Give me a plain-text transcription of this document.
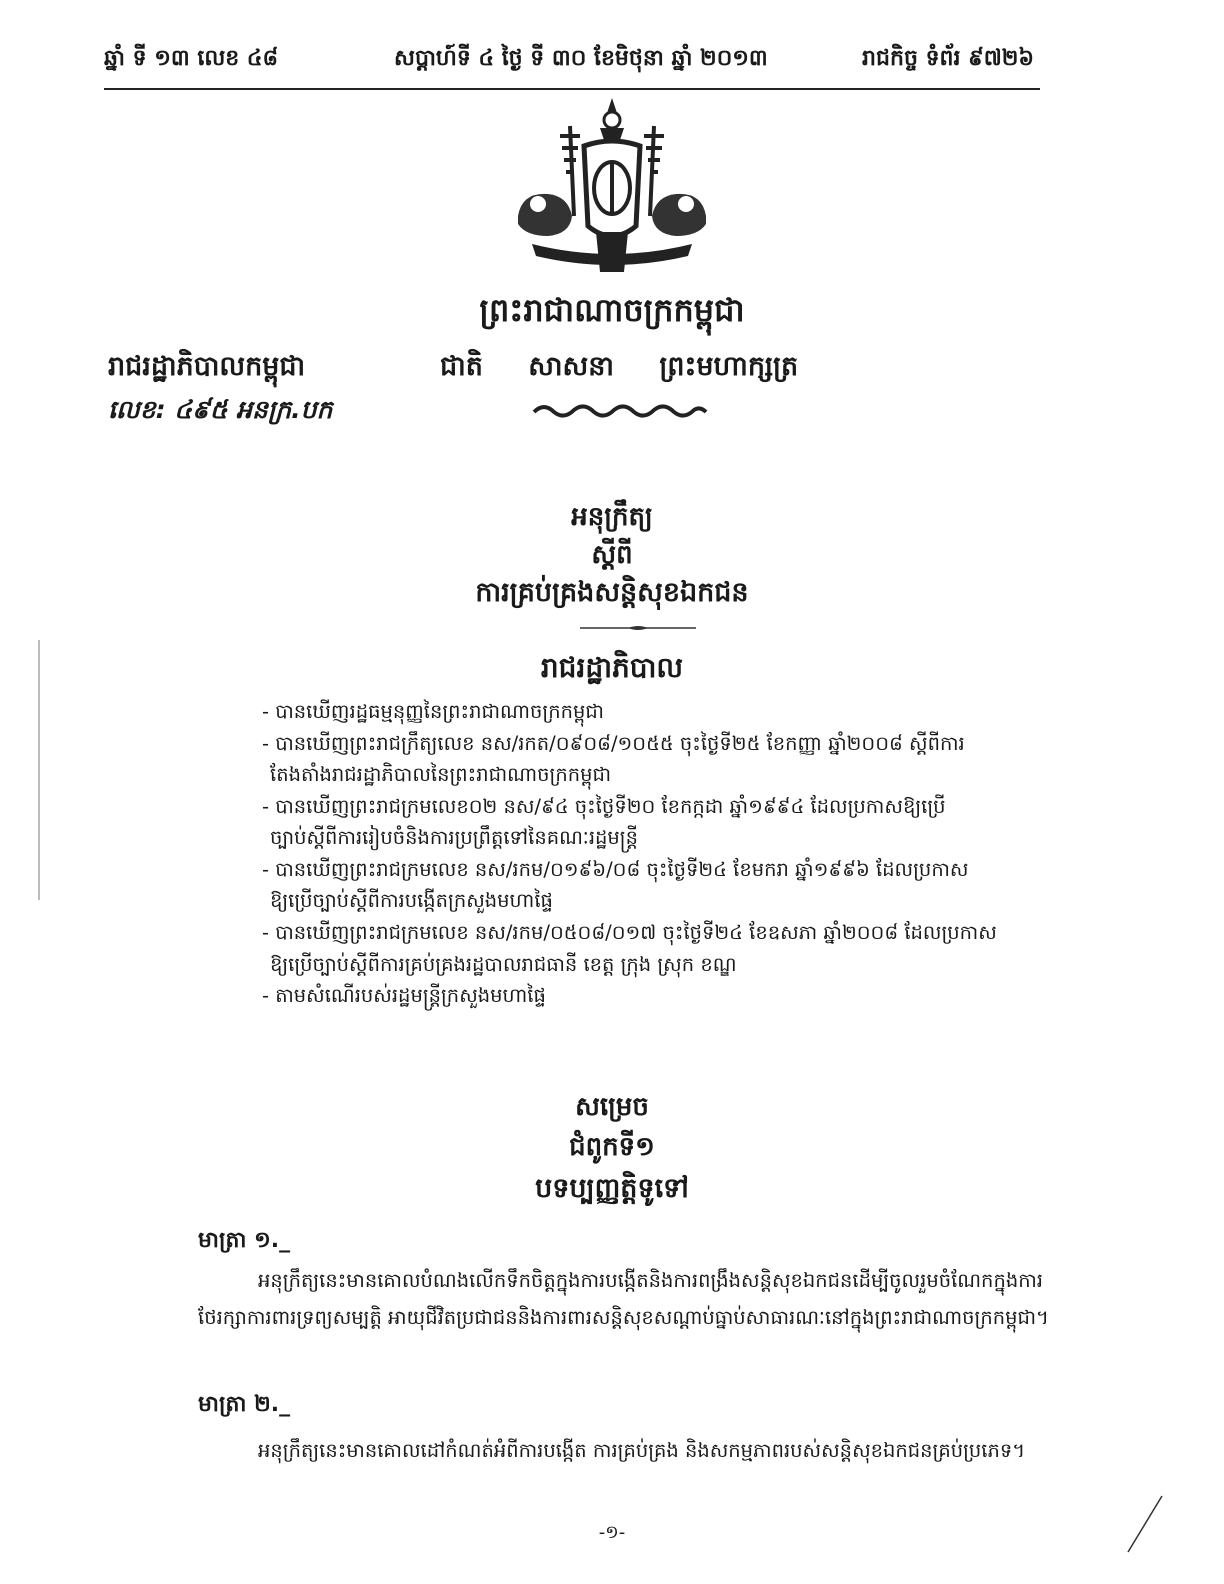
ឆ្នាំ ទី ១៣ លេខ ៤៨	សប្តាហ៍ទី ៤ ថ្ងៃ ទី ៣០ ខែមិថុនា ឆ្នាំ ២០១៣	រាជកិច្ច ទំព័រ ៩៧២៦
ព្រះរាជាណាចក្រកម្ពុជា
រាជរដ្ឋាភិបាលកម្ពុជា	ជាតិ សាសនា ព្រះមហាក្សត្រ
លេខ: ៤៩៥ អនក្រ.បក
អនុក្រឹត្យ
ស្តីពី
ការគ្រប់គ្រងសន្តិសុខឯកជន
រាជរដ្ឋាភិបាល

- បានឃើញរដ្ឋធម្មនុញ្ញនៃព្រះរាជាណាចក្រកម្ពុជា

- បានឃើញព្រះរាជក្រឹត្យលេខ នស/រកត/០៩០៨/១០៥៥ ចុះថ្ងៃទី២៥ ខែកញ្ញា ឆ្នាំ២០០៨ ស្តីពីការ

តែងតាំងរាជរដ្ឋាភិបាលនៃព្រះរាជាណាចក្រកម្ពុជា

- បានឃើញព្រះរាជក្រមលេខ០២ នស/៩៤ ចុះថ្ងៃទី២០ ខែកក្កដា ឆ្នាំ១៩៩៤ ដែលប្រកាសឱ្យប្រើ

ច្បាប់ស្តីពីការរៀបចំនិងការប្រព្រឹត្តទៅនៃគណៈរដ្ឋមន្ត្រី

- បានឃើញព្រះរាជក្រមលេខ នស/រកម/០១៩៦/០៨ ចុះថ្ងៃទី២៤ ខែមករា ឆ្នាំ១៩៩៦ ដែលប្រកាស

ឱ្យប្រើច្បាប់ស្តីពីការបង្កើតក្រសួងមហាផ្ទៃ

- បានឃើញព្រះរាជក្រមលេខ នស/រកម/០៥០៨/០១៧ ចុះថ្ងៃទី២៤ ខែឧសភា ឆ្នាំ២០០៨ ដែលប្រកាស

ឱ្យប្រើច្បាប់ស្តីពីការគ្រប់គ្រងរដ្ឋបាលរាជធានី ខេត្ត ក្រុង ស្រុក ខណ្ឌ

- តាមសំណើរបស់រដ្ឋមន្ត្រីក្រសួងមហាផ្ទៃ

សម្រេច
ជំពូកទី១
បទប្បញ្ញត្តិទូទៅ
មាត្រា ១._
អនុក្រឹត្យនេះមានគោលបំណងលើកទឹកចិត្តក្នុងការបង្កើតនិងការពង្រឹងសន្តិសុខឯកជនដើម្បីចូលរួមចំណែកក្នុងការថែរក្សាការពារទ្រព្យសម្បត្តិ អាយុជីវិតប្រជាជននិងការពារសន្តិសុខសណ្តាប់ធ្នាប់សាធារណៈនៅក្នុងព្រះរាជាណាចក្រកម្ពុជា។
មាត្រា ២._
អនុក្រឹត្យនេះមានគោលដៅកំណត់អំពីការបង្កើត ការគ្រប់គ្រង និងសកម្មភាពរបស់សន្តិសុខឯកជនគ្រប់ប្រភេទ។
-១-
